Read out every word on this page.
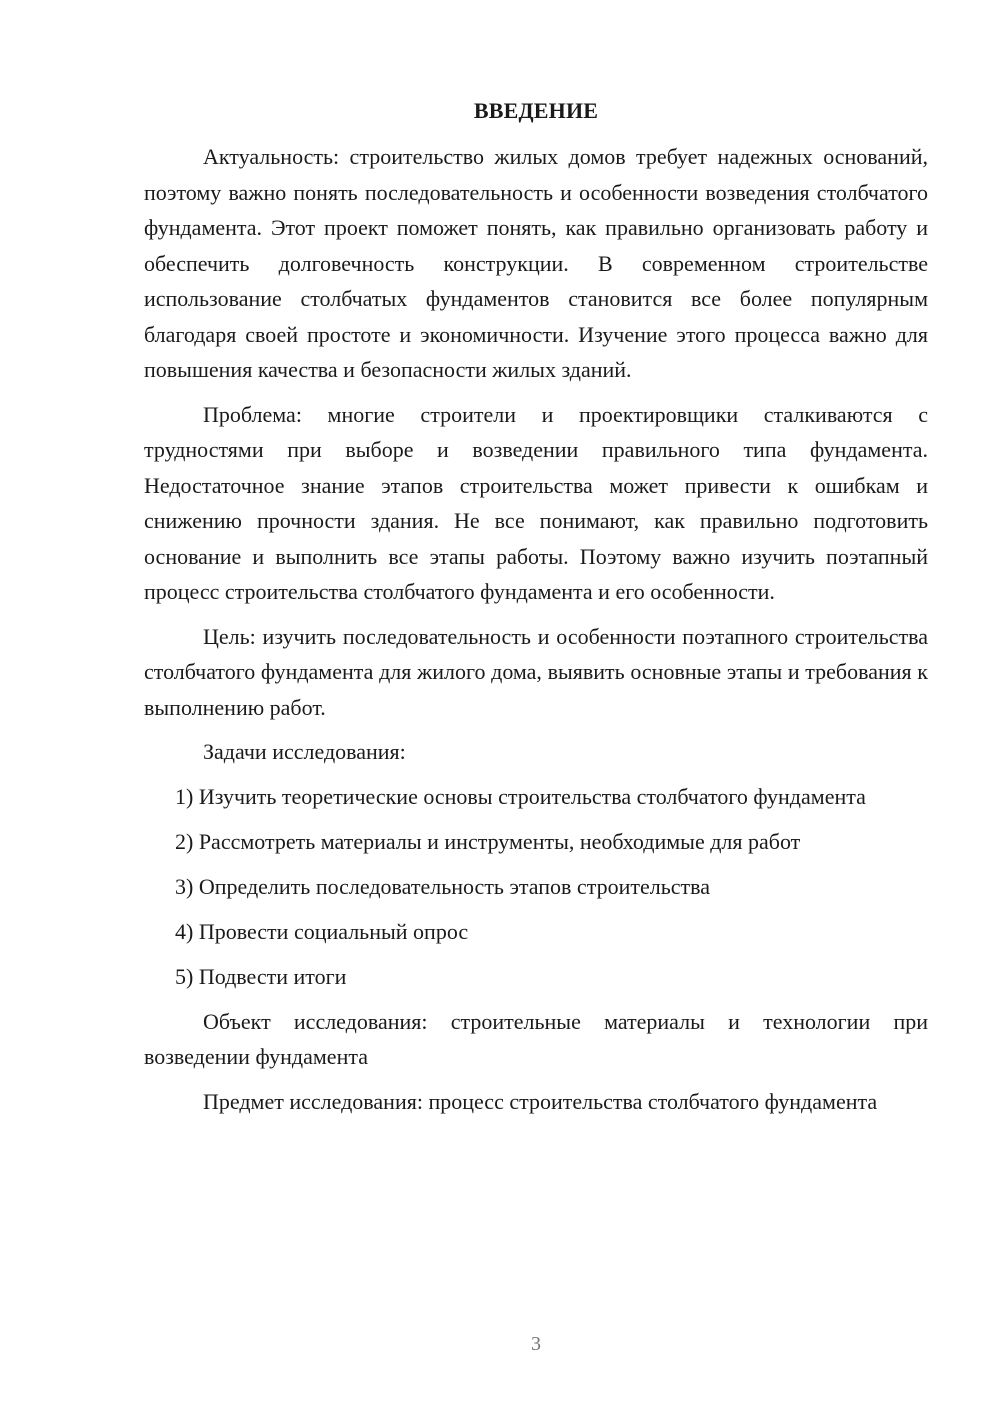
ВВЕДЕНИЕ

Актуальность: строительство жилых домов требует надежных оснований, поэтому важно понять последовательность и особенности возведения столбчатого фундамента. Этот проект поможет понять, как правильно организовать работу и обеспечить долговечность конструкции. В современном строительстве использование столбчатых фундаментов становится все более популярным благодаря своей простоте и экономичности. Изучение этого процесса важно для повышения качества и безопасности жилых зданий.

Проблема: многие строители и проектировщики сталкиваются с трудностями при выборе и возведении правильного типа фундамента. Недостаточное знание этапов строительства может привести к ошибкам и снижению прочности здания. Не все понимают, как правильно подготовить основание и выполнить все этапы работы. Поэтому важно изучить поэтапный процесс строительства столбчатого фундамента и его особенности.

Цель: изучить последовательность и особенности поэтапного строительства столбчатого фундамента для жилого дома, выявить основные этапы и требования к выполнению работ.

Задачи исследования:

1) Изучить теоретические основы строительства столбчатого фундамента

2) Рассмотреть материалы и инструменты, необходимые для работ

3) Определить последовательность этапов строительства

4) Провести социальный опрос

5) Подвести итоги

Объект исследования: строительные материалы и технологии при возведении фундамента

Предмет исследования: процесс строительства столбчатого фундамента

3
